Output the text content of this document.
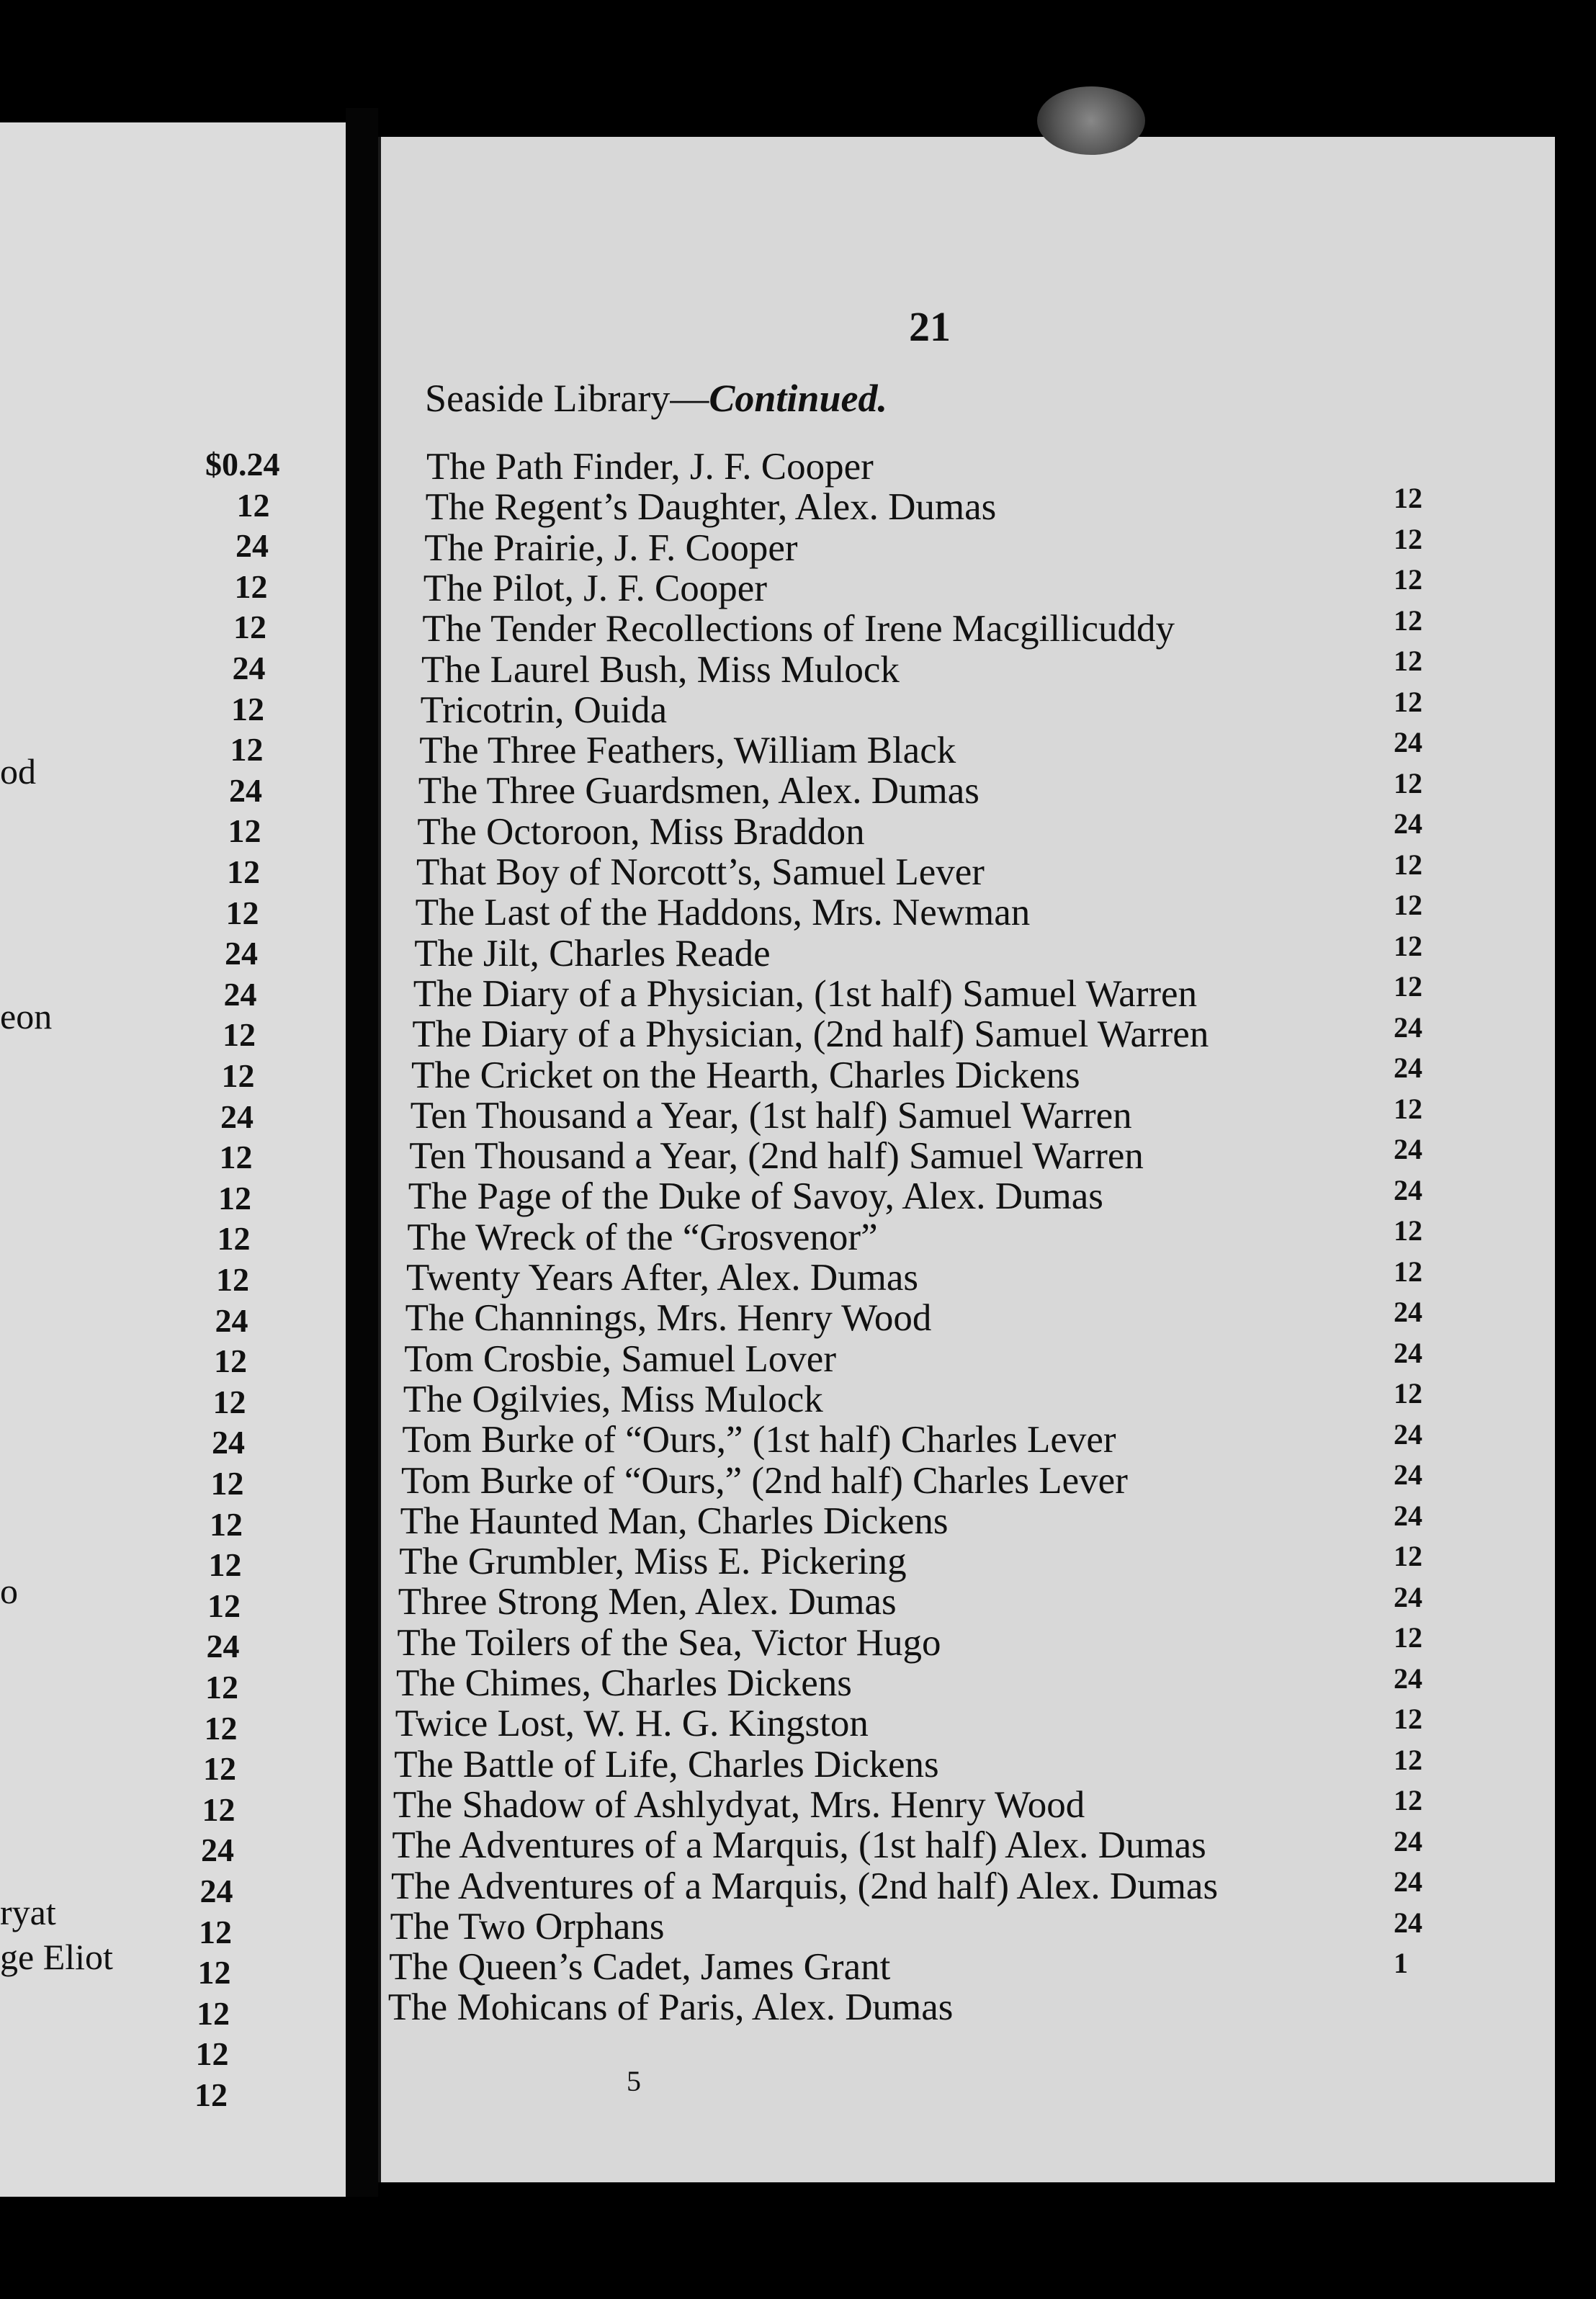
$0.24
12
24
12
12
24
12
12
24
12
12
12
24
24
12
12
24
12
12
12
12
24
12
12
24
12
12
12
12
24
12
12
12
12
24
24
12
12
12
12
12
od
eon
o
ryat
ge Eliot
21
Seaside Library—Continued.
The Path Finder, J. F. Cooper
12
The Regent’s Daughter, Alex. Dumas
12
The Prairie, J. F. Cooper
12
The Pilot, J. F. Cooper
12
The Tender Recollections of Irene Macgillicuddy
12
The Laurel Bush, Miss Mulock
12
Tricotrin, Ouida
24
The Three Feathers, William Black
12
The Three Guardsmen, Alex. Dumas
24
The Octoroon, Miss Braddon
12
That Boy of Norcott’s, Samuel Lever
12
The Last of the Haddons, Mrs. Newman
12
The Jilt, Charles Reade
12
The Diary of a Physician, (1st half) Samuel Warren
24
The Diary of a Physician, (2nd half) Samuel Warren
24
The Cricket on the Hearth, Charles Dickens
12
Ten Thousand a Year, (1st half) Samuel Warren
24
Ten Thousand a Year, (2nd half) Samuel Warren
24
The Page of the Duke of Savoy, Alex. Dumas
12
The Wreck of the “Grosvenor”
12
Twenty Years After, Alex. Dumas
24
The Channings, Mrs. Henry Wood
24
Tom Crosbie, Samuel Lover
12
The Ogilvies, Miss Mulock
24
Tom Burke of “Ours,” (1st half) Charles Lever
24
Tom Burke of “Ours,” (2nd half) Charles Lever
24
The Haunted Man, Charles Dickens
12
The Grumbler, Miss E. Pickering
24
Three Strong Men, Alex. Dumas
12
The Toilers of the Sea, Victor Hugo
24
The Chimes, Charles Dickens
12
Twice Lost, W. H. G. Kingston
12
The Battle of Life, Charles Dickens
12
The Shadow of Ashlydyat, Mrs. Henry Wood
24
The Adventures of a Marquis, (1st half) Alex. Dumas
24
The Adventures of a Marquis, (2nd half) Alex. Dumas
24
The Two Orphans
1
The Queen’s Cadet, James Grant
The Mohicans of Paris, Alex. Dumas
5
